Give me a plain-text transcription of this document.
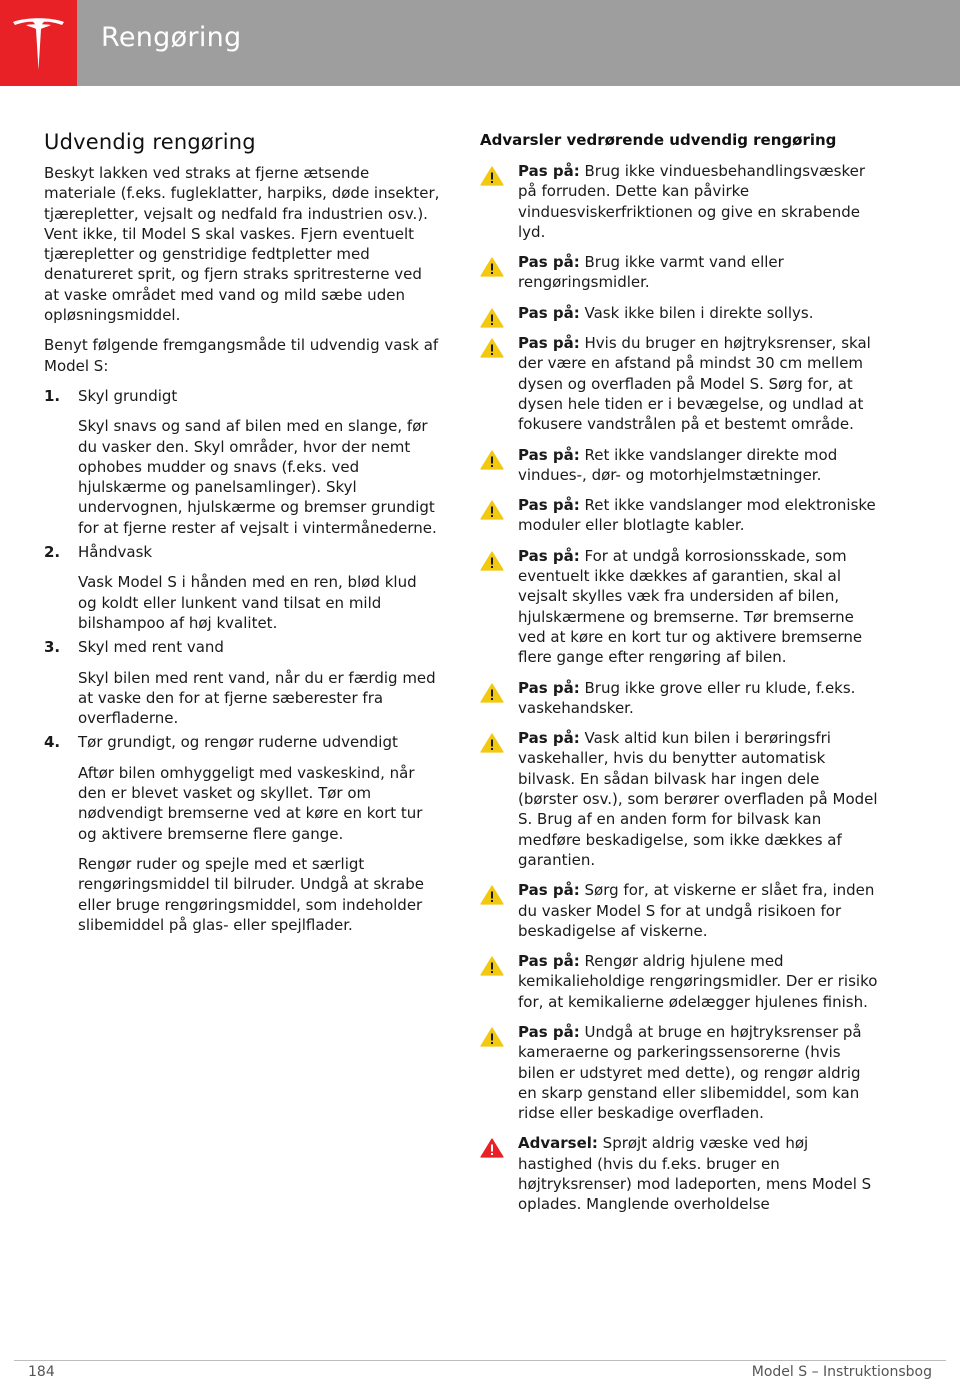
Rengøring
Udvendig rengøring

Beskyt lakken ved straks at fjerne ætsende materiale (f.eks. fugleklatter, harpiks, døde insekter, tjærepletter, vejsalt og nedfald fra industrien osv.). Vent ikke, til Model S skal vaskes. Fjern eventuelt tjærepletter og genstridige fedtpletter med denatureret sprit, og fjern straks spritresterne ved at vaske området med vand og mild sæbe uden opløsningsmiddel.

Benyt følgende fremgangsmåde til udvendig vask af Model S:

1. Skyl grundigt

Skyl snavs og sand af bilen med en slange, før du vasker den. Skyl områder, hvor der nemt ophobes mudder og snavs (f.eks. ved hjulskærme og panelsamlinger). Skyl undervognen, hjulskærme og bremser grundigt for at fjerne rester af vejsalt i vintermånederne.

2. Håndvask

Vask Model S i hånden med en ren, blød klud og koldt eller lunkent vand tilsat en mild bilshampoo af høj kvalitet.

3. Skyl med rent vand

Skyl bilen med rent vand, når du er færdig med at vaske den for at fjerne sæberester fra overfladerne.

4. Tør grundigt, og rengør ruderne udvendigt

Aftør bilen omhyggeligt med vaskeskind, når den er blevet vasket og skyllet. Tør om nødvendigt bremserne ved at køre en kort tur og aktivere bremserne flere gange.

Rengør ruder og spejle med et særligt rengøringsmiddel til bilruder. Undgå at skrabe eller bruge rengøringsmiddel, som indeholder slibemiddel på glas- eller spejlflader.

Advarsler vedrørende udvendig rengøring
Pas på: Brug ikke vinduesbehandlingsvæsker på forruden. Dette kan påvirke vinduesviskerfriktionen og give en skrabende lyd.
Pas på: Brug ikke varmt vand eller rengøringsmidler.
Pas på: Vask ikke bilen i direkte sollys.
Pas på: Hvis du bruger en højtryksrenser, skal der være en afstand på mindst 30 cm mellem dysen og overfladen på Model S. Sørg for, at dysen hele tiden er i bevægelse, og undlad at fokusere vandstrålen på et bestemt område.
Pas på: Ret ikke vandslanger direkte mod vindues-, dør- og motorhjelmstætninger.
Pas på: Ret ikke vandslanger mod elektroniske moduler eller blotlagte kabler.
Pas på: For at undgå korrosionsskade, som eventuelt ikke dækkes af garantien, skal al vejsalt skylles væk fra undersiden af bilen, hjulskærmene og bremserne. Tør bremserne ved at køre en kort tur og aktivere bremserne flere gange efter rengøring af bilen.
Pas på: Brug ikke grove eller ru klude, f.eks. vaskehandsker.
Pas på: Vask altid kun bilen i berøringsfri vaskehaller, hvis du benytter automatisk bilvask. En sådan bilvask har ingen dele (børster osv.), som berører overfladen på Model S. Brug af en anden form for bilvask kan medføre beskadigelse, som ikke dækkes af garantien.
Pas på: Sørg for, at viskerne er slået fra, inden du vasker Model S for at undgå risikoen for beskadigelse af viskerne.
Pas på: Rengør aldrig hjulene med kemikalieholdige rengøringsmidler. Der er risiko for, at kemikalierne ødelægger hjulenes finish.
Pas på: Undgå at bruge en højtryksrenser på kameraerne og parkeringssensorerne (hvis bilen er udstyret med dette), og rengør aldrig en skarp genstand eller slibemiddel, som kan ridse eller beskadige overfladen.
Advarsel: Sprøjt aldrig væske ved høj hastighed (hvis du f.eks. bruger en højtryksrenser) mod ladeporten, mens Model S oplades. Manglende overholdelse
184	Model S – Instruktionsbog
